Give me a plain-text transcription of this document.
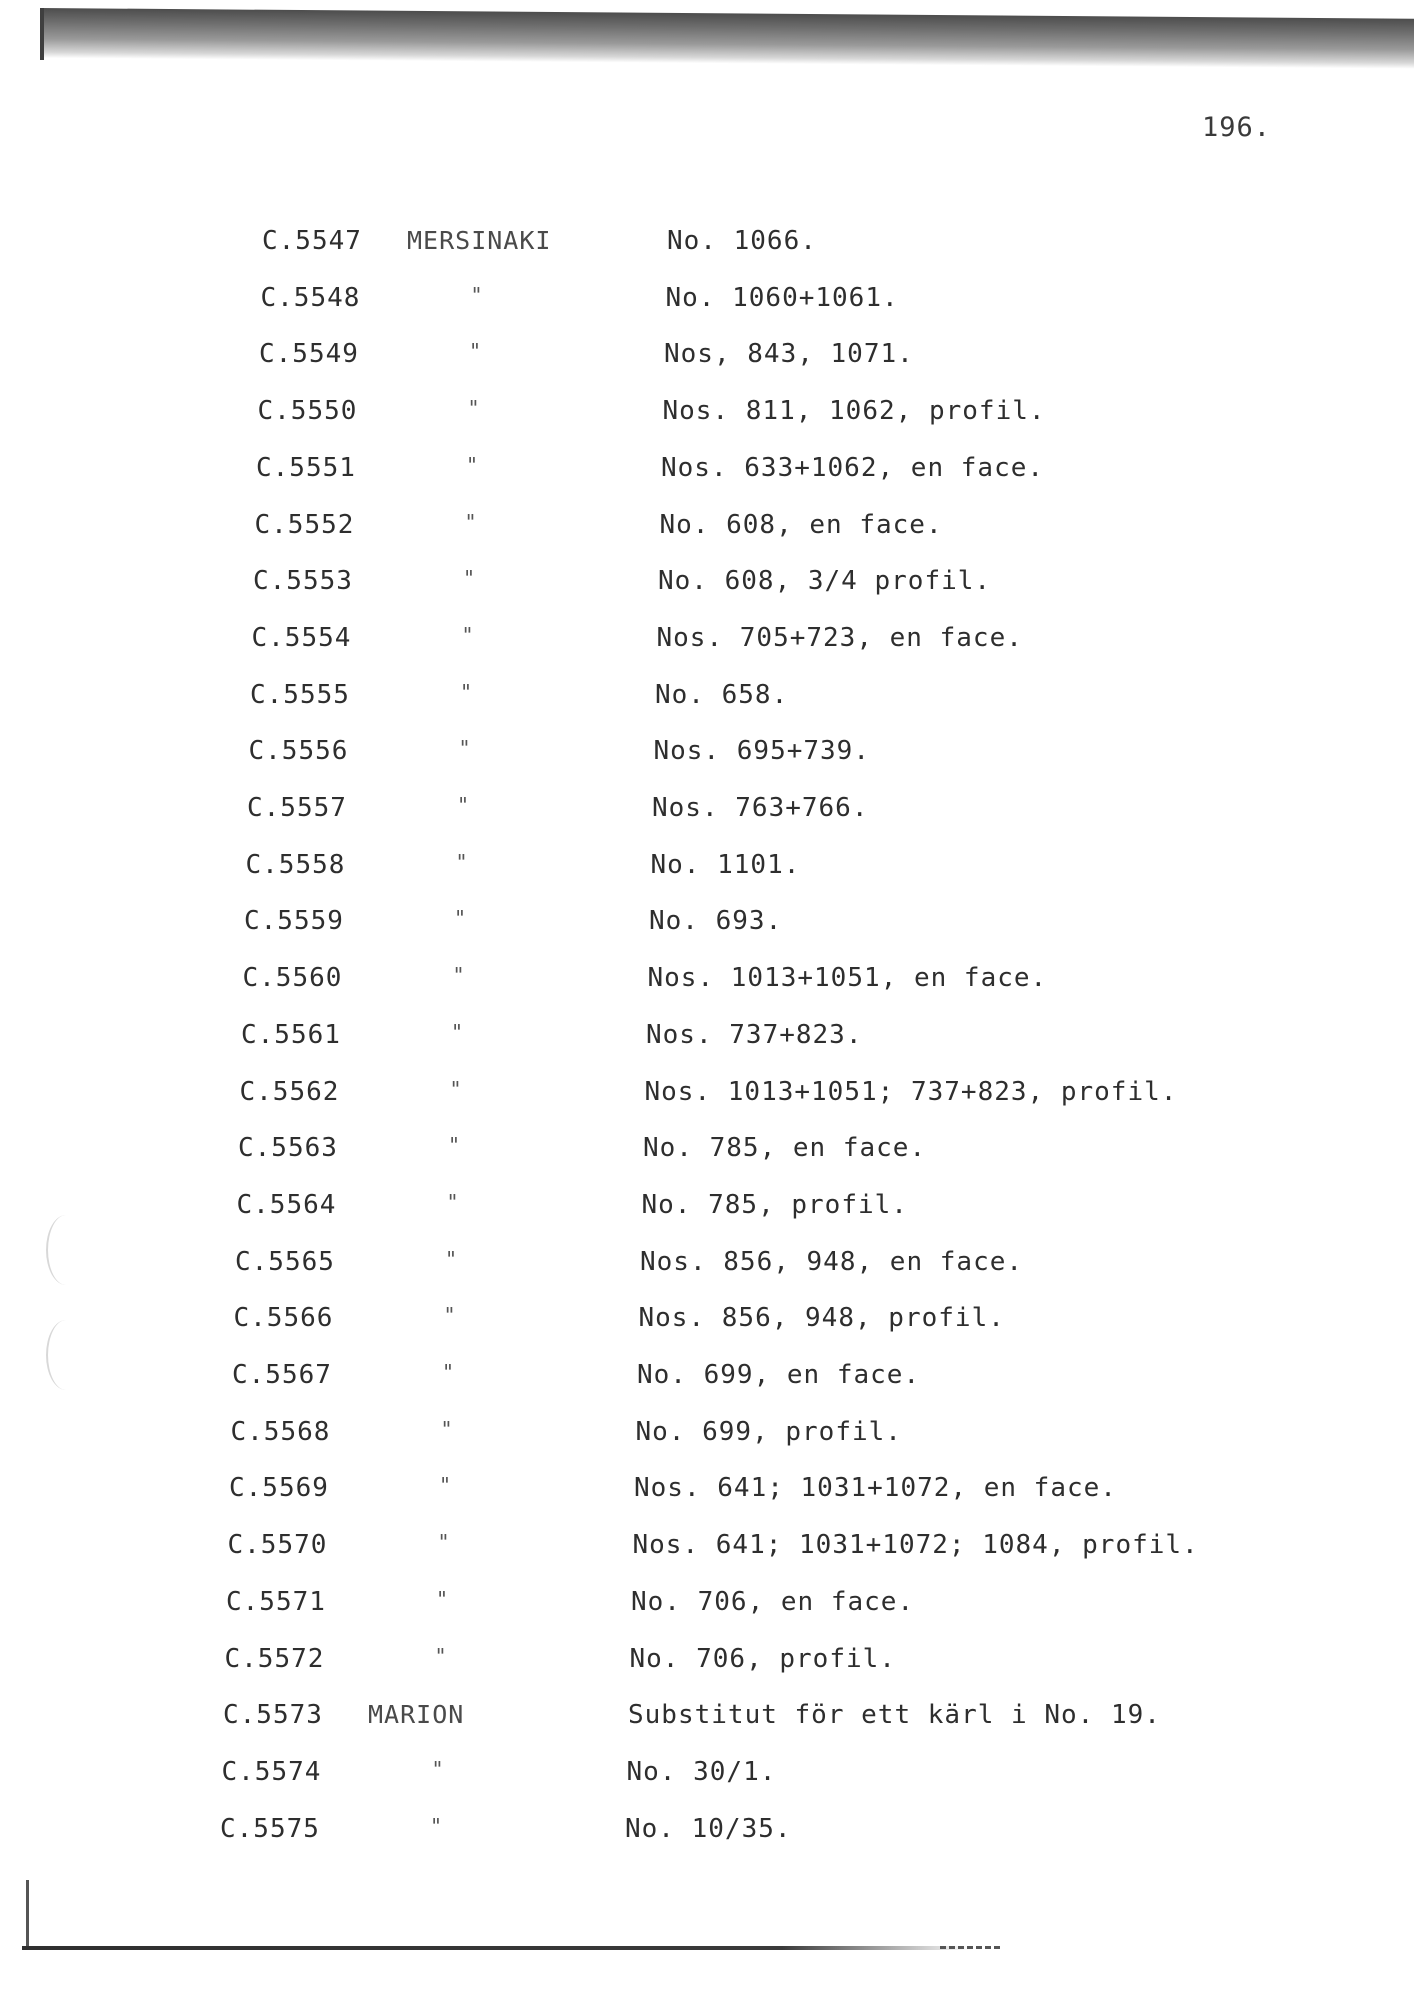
196.
C.5547 MERSINAKI	No. 1066.
C.5548	"	No. 1060+1061.
C.5549	"	Nos, 843, 1071.
C.5550	"	Nos. 811, 1062, profil.
C.5551	"	Nos. 633+1062, en face.
C.5552	"	No. 608, en face.
C.5553	"	No. 608, 3/4 profil.
C.5554	"	Nos. 705+723, en face.
C.5555	"	No. 658.
C.5556	"	Nos. 695+739.
C.5557	"	Nos. 763+766.
C.5558	"	No. 1101.
C.5559	"	No. 693.
C.5560	"	Nos. 1013+1051, en face.
C.5561	"	Nos. 737+823.
C.5562	"	Nos. 1013+1051; 737+823, profil.
C.5563	"	No. 785, en face.
C.5564	"	No. 785, profil.
C.5565	"	Nos. 856, 948, en face.
C.5566	"	Nos. 856, 948, profil.
C.5567	"	No. 699, en face.
C.5568	"	No. 699, profil.
C.5569	"	Nos. 641; 1031+1072, en face.
C.5570	"	Nos. 641; 1031+1072; 1084, profil.
C.5571	"	No. 706, en face.
C.5572	"	No. 706, profil.
C.5573 MARION	Substitut för ett kärl i No. 19.
C.5574	"	No. 30/1.
C.5575	"	No. 10/35.
